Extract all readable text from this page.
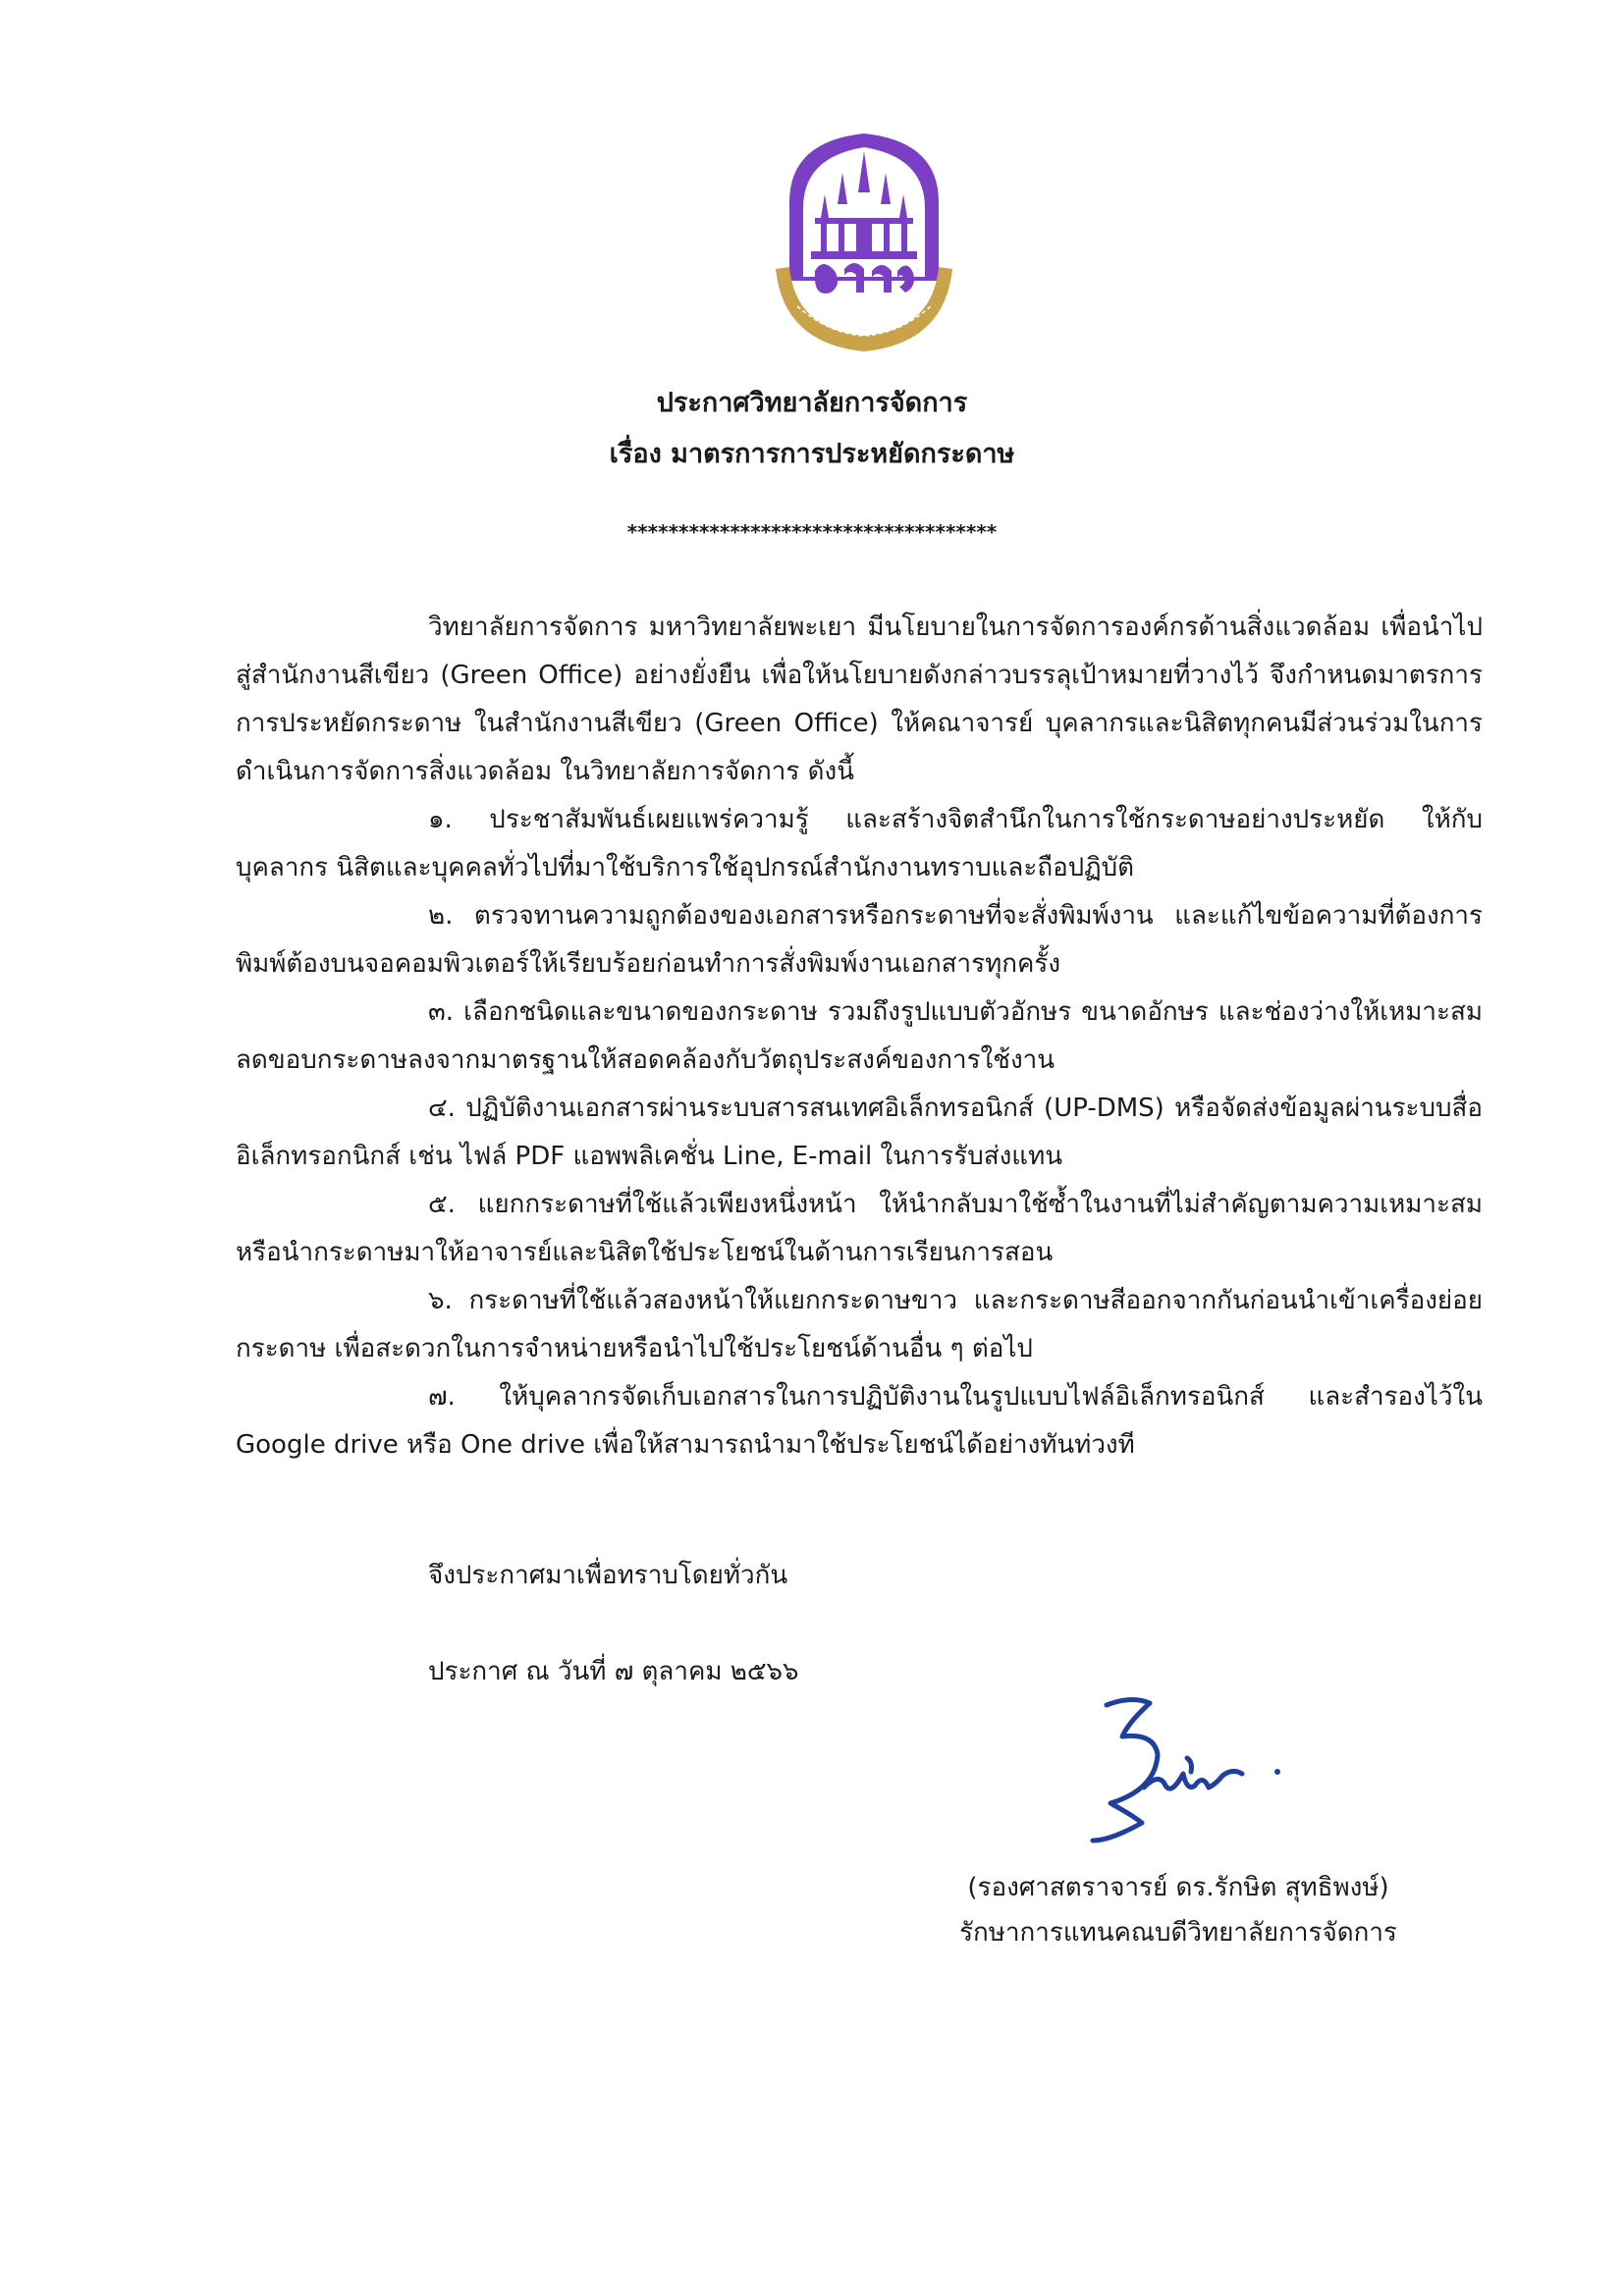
ประกาศวิทยาลัยการจัดการ
เรื่อง มาตรการการประหยัดกระดาษ
************************************

วิทยาลัยการจัดการ มหาวิทยาลัยพะเยา มีนโยบายในการจัดการองค์กรด้านสิ่งแวดล้อม เพื่อนำไปสู่สำนักงานสีเขียว (Green Office) อย่างยั่งยืน เพื่อให้นโยบายดังกล่าวบรรลุเป้าหมายที่วางไว้ จึงกำหนดมาตรการการประหยัดกระดาษ ในสำนักงานสีเขียว (Green Office) ให้คณาจารย์ บุคลากรและนิสิตทุกคนมีส่วนร่วมในการดำเนินการจัดการสิ่งแวดล้อม ในวิทยาลัยการจัดการ ดังนี้

๑. ประชาสัมพันธ์เผยแพร่ความรู้ และสร้างจิตสำนึกในการใช้กระดาษอย่างประหยัด ให้กับบุคลากร นิสิตและบุคคลทั่วไปที่มาใช้บริการใช้อุปกรณ์สำนักงานทราบและถือปฏิบัติ

๒. ตรวจทานความถูกต้องของเอกสารหรือกระดาษที่จะสั่งพิมพ์งาน และแก้ไขข้อความที่ต้องการพิมพ์ต้องบนจอคอมพิวเตอร์ให้เรียบร้อยก่อนทำการสั่งพิมพ์งานเอกสารทุกครั้ง

๓. เลือกชนิดและขนาดของกระดาษ รวมถึงรูปแบบตัวอักษร ขนาดอักษร และช่องว่างให้เหมาะสม ลดขอบกระดาษลงจากมาตรฐานให้สอดคล้องกับวัตถุประสงค์ของการใช้งาน

๔. ปฏิบัติงานเอกสารผ่านระบบสารสนเทศอิเล็กทรอนิกส์ (UP-DMS) หรือจัดส่งข้อมูลผ่านระบบสื่ออิเล็กทรอกนิกส์ เช่น ไฟล์ PDF แอพพลิเคชั่น Line, E-mail ในการรับส่งแทน

๕. แยกกระดาษที่ใช้แล้วเพียงหนึ่งหน้า ให้นำกลับมาใช้ซ้ำในงานที่ไม่สำคัญตามความเหมาะสม หรือนำกระดาษมาให้อาจารย์และนิสิตใช้ประโยชน์ในด้านการเรียนการสอน

๖. กระดาษที่ใช้แล้วสองหน้าให้แยกกระดาษขาว และกระดาษสีออกจากกันก่อนนำเข้าเครื่องย่อยกระดาษ เพื่อสะดวกในการจำหน่ายหรือนำไปใช้ประโยชน์ด้านอื่น ๆ ต่อไป

๗. ให้บุคลากรจัดเก็บเอกสารในการปฏิบัติงานในรูปแบบไฟล์อิเล็กทรอนิกส์ และสำรองไว้ใน Google drive หรือ One drive เพื่อให้สามารถนำมาใช้ประโยชน์ได้อย่างทันท่วงที

จึงประกาศมาเพื่อทราบโดยทั่วกัน
ประกาศ ณ วันที่ ๗ ตุลาคม ๒๕๖๖
(รองศาสตราจารย์ ดร.รักษิต สุทธิพงษ์)
รักษาการแทนคณบดีวิทยาลัยการจัดการ
